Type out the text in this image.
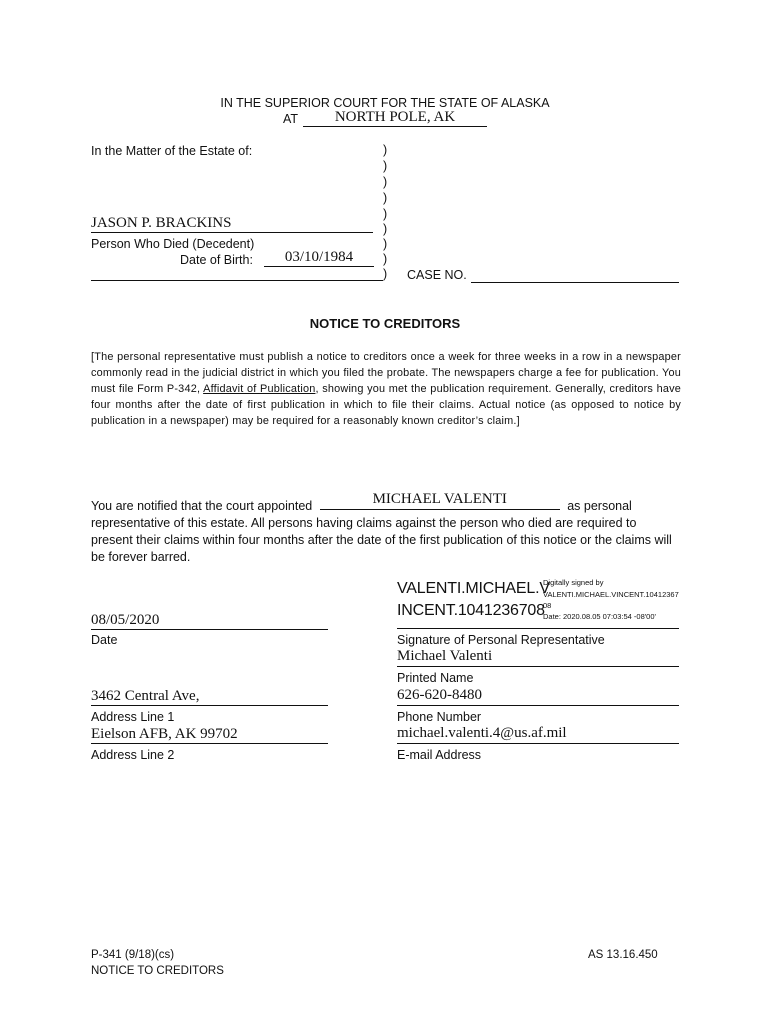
IN THE SUPERIOR COURT FOR THE STATE OF ALASKA
AT	NORTH POLE, AK
In the Matter of the Estate of:
JASON P. BRACKINS
Person Who Died (Decedent)
Date of Birth:	03/10/1984
)
)
)
)
)
)
)
)
) CASE NO.
NOTICE TO CREDITORS
[The personal representative must publish a notice to creditors once a week for three weeks in a row in a newspaper commonly read in the judicial district in which you filed the probate. The newspapers charge a fee for publication. You must file Form P-342, Affidavit of Publication, showing you met the publication requirement. Generally, creditors have four months after the date of first publication in which to file their claims. Actual notice (as opposed to notice by publication in a newspaper) may be required for a reasonably known creditor’s claim.]
You are notified that the court appointed	MICHAEL VALENTI	as personal
representative of this estate. All persons having claims against the person who died are required to present their claims within four months after the date of the first publication of this notice or the claims will be forever barred.
VALENTI.MICHAEL.V
INCENT.1041236708
Digitally signed by
VALENTI.MICHAEL.VINCENT.10412367
08
Date: 2020.08.05 07:03:54 -08'00'
Signature of Personal Representative
08/05/2020
Date
Michael Valenti
Printed Name
3462 Central Ave,
Address Line 1
626-620-8480
Phone Number
Eielson AFB, AK 99702
Address Line 2
michael.valenti.4@us.af.mil
E-mail Address
P-341 (9/18)(cs)
NOTICE TO CREDITORS
AS 13.16.450
